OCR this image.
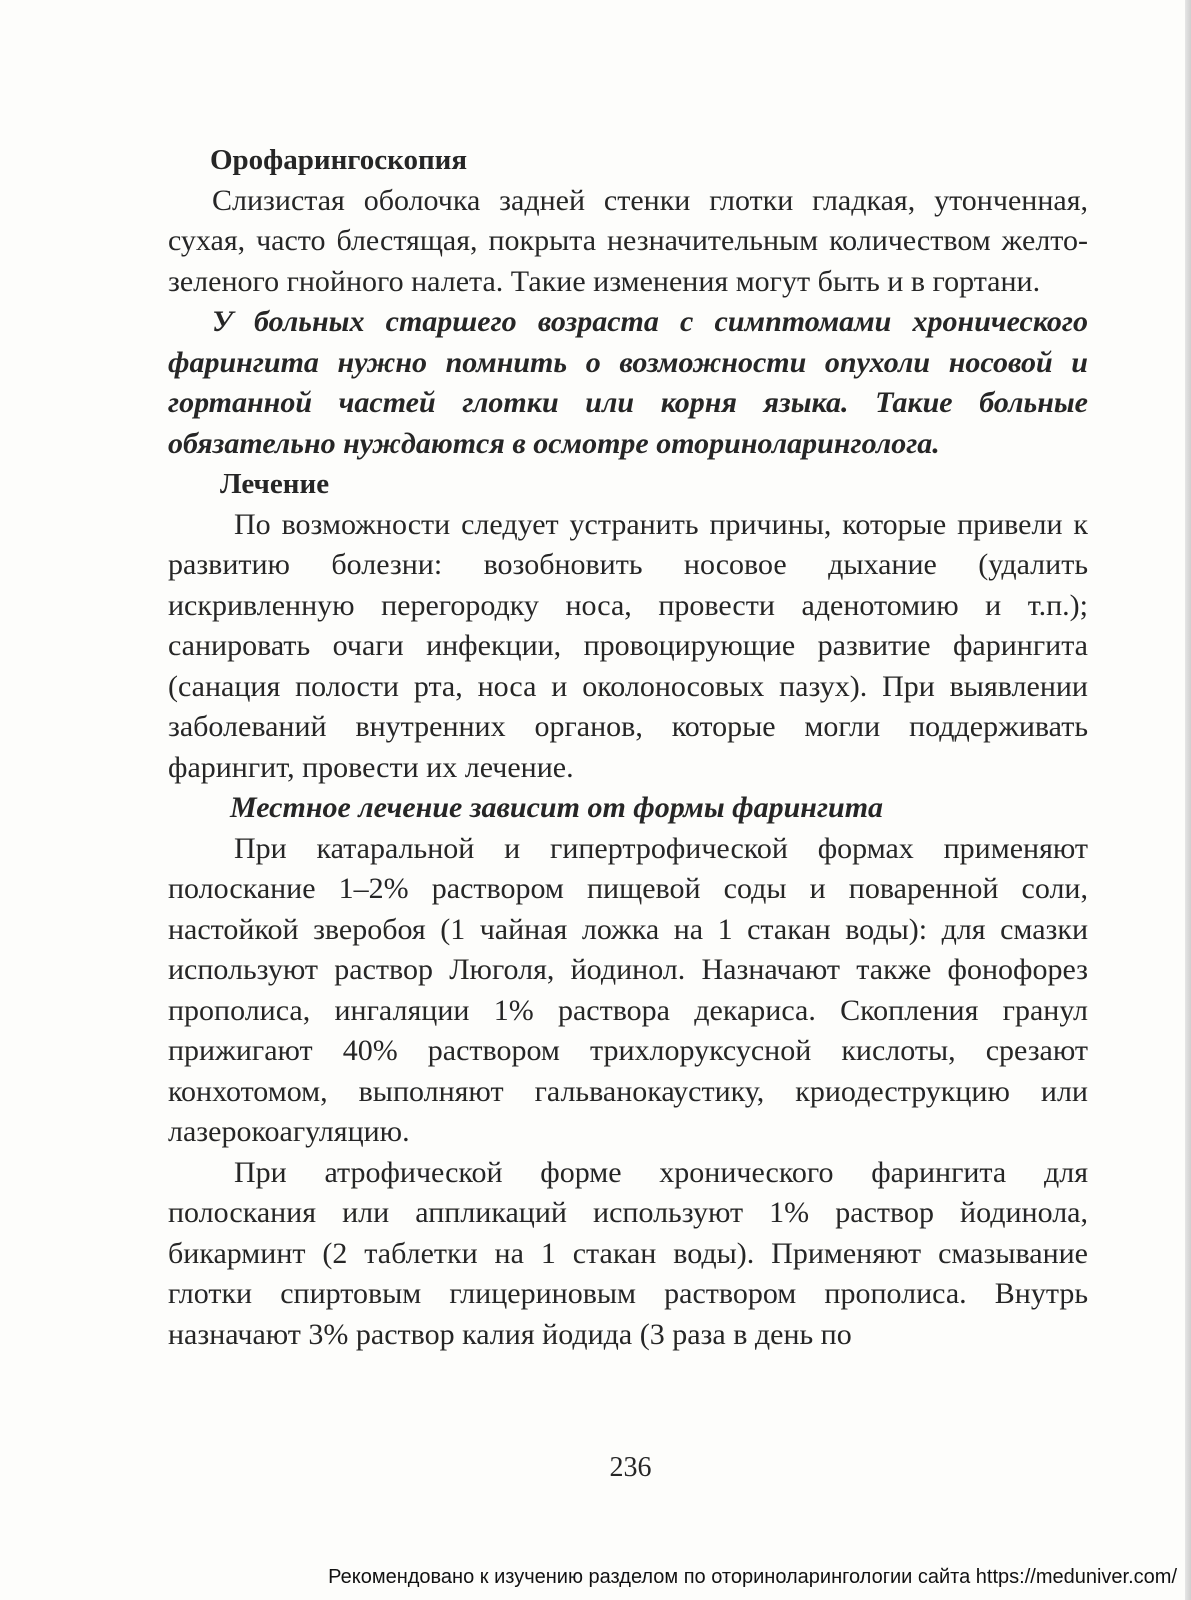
Орофарингоскопия

Слизистая оболочка задней стенки глотки гладкая, утонченная, сухая, часто блестящая, покрыта незначительным количеством желто-зеленого гнойного налета. Такие изменения могут быть и в гортани.

У больных старшего возраста с симптомами хронического фарингита нужно помнить о возможности опухоли носовой и гортанной частей глотки или корня языка. Такие больные обязательно нуждаются в осмотре оториноларинголога.

Лечение

По возможности следует устранить причины, которые привели к развитию болезни: возобновить носовое дыхание (удалить искривленную перегородку носа, провести аденотомию и т.п.); санировать очаги инфекции, провоцирующие развитие фарингита (санация полости рта, носа и околоносовых пазух). При выявлении заболеваний внутренних органов, которые могли поддерживать фарингит, провести их лечение.

Местное лечение зависит от формы фарингита

При катаральной и гипертрофической формах применяют полоскание 1–2% раствором пищевой соды и поваренной соли, настойкой зверобоя (1 чайная ложка на 1 стакан воды): для смазки используют раствор Люголя, йодинол. Назначают также фонофорез прополиса, ингаляции 1% раствора декариса. Скопления гранул прижигают 40% раствором трихлоруксусной кислоты, срезают конхотомом, выполняют гальванокаустику, криодеструкцию или лазерокоагуляцию.

При атрофической форме хронического фарингита для полоскания или аппликаций используют 1% раствор йодинола, бикарминт (2 таблетки на 1 стакан воды). Применяют смазывание глотки спиртовым глицериновым раствором прополиса. Внутрь назначают 3% раствор калия йодида (3 раза в день по

236
Рекомендовано к изучению разделом по оториноларингологии сайта https://meduniver.com/
